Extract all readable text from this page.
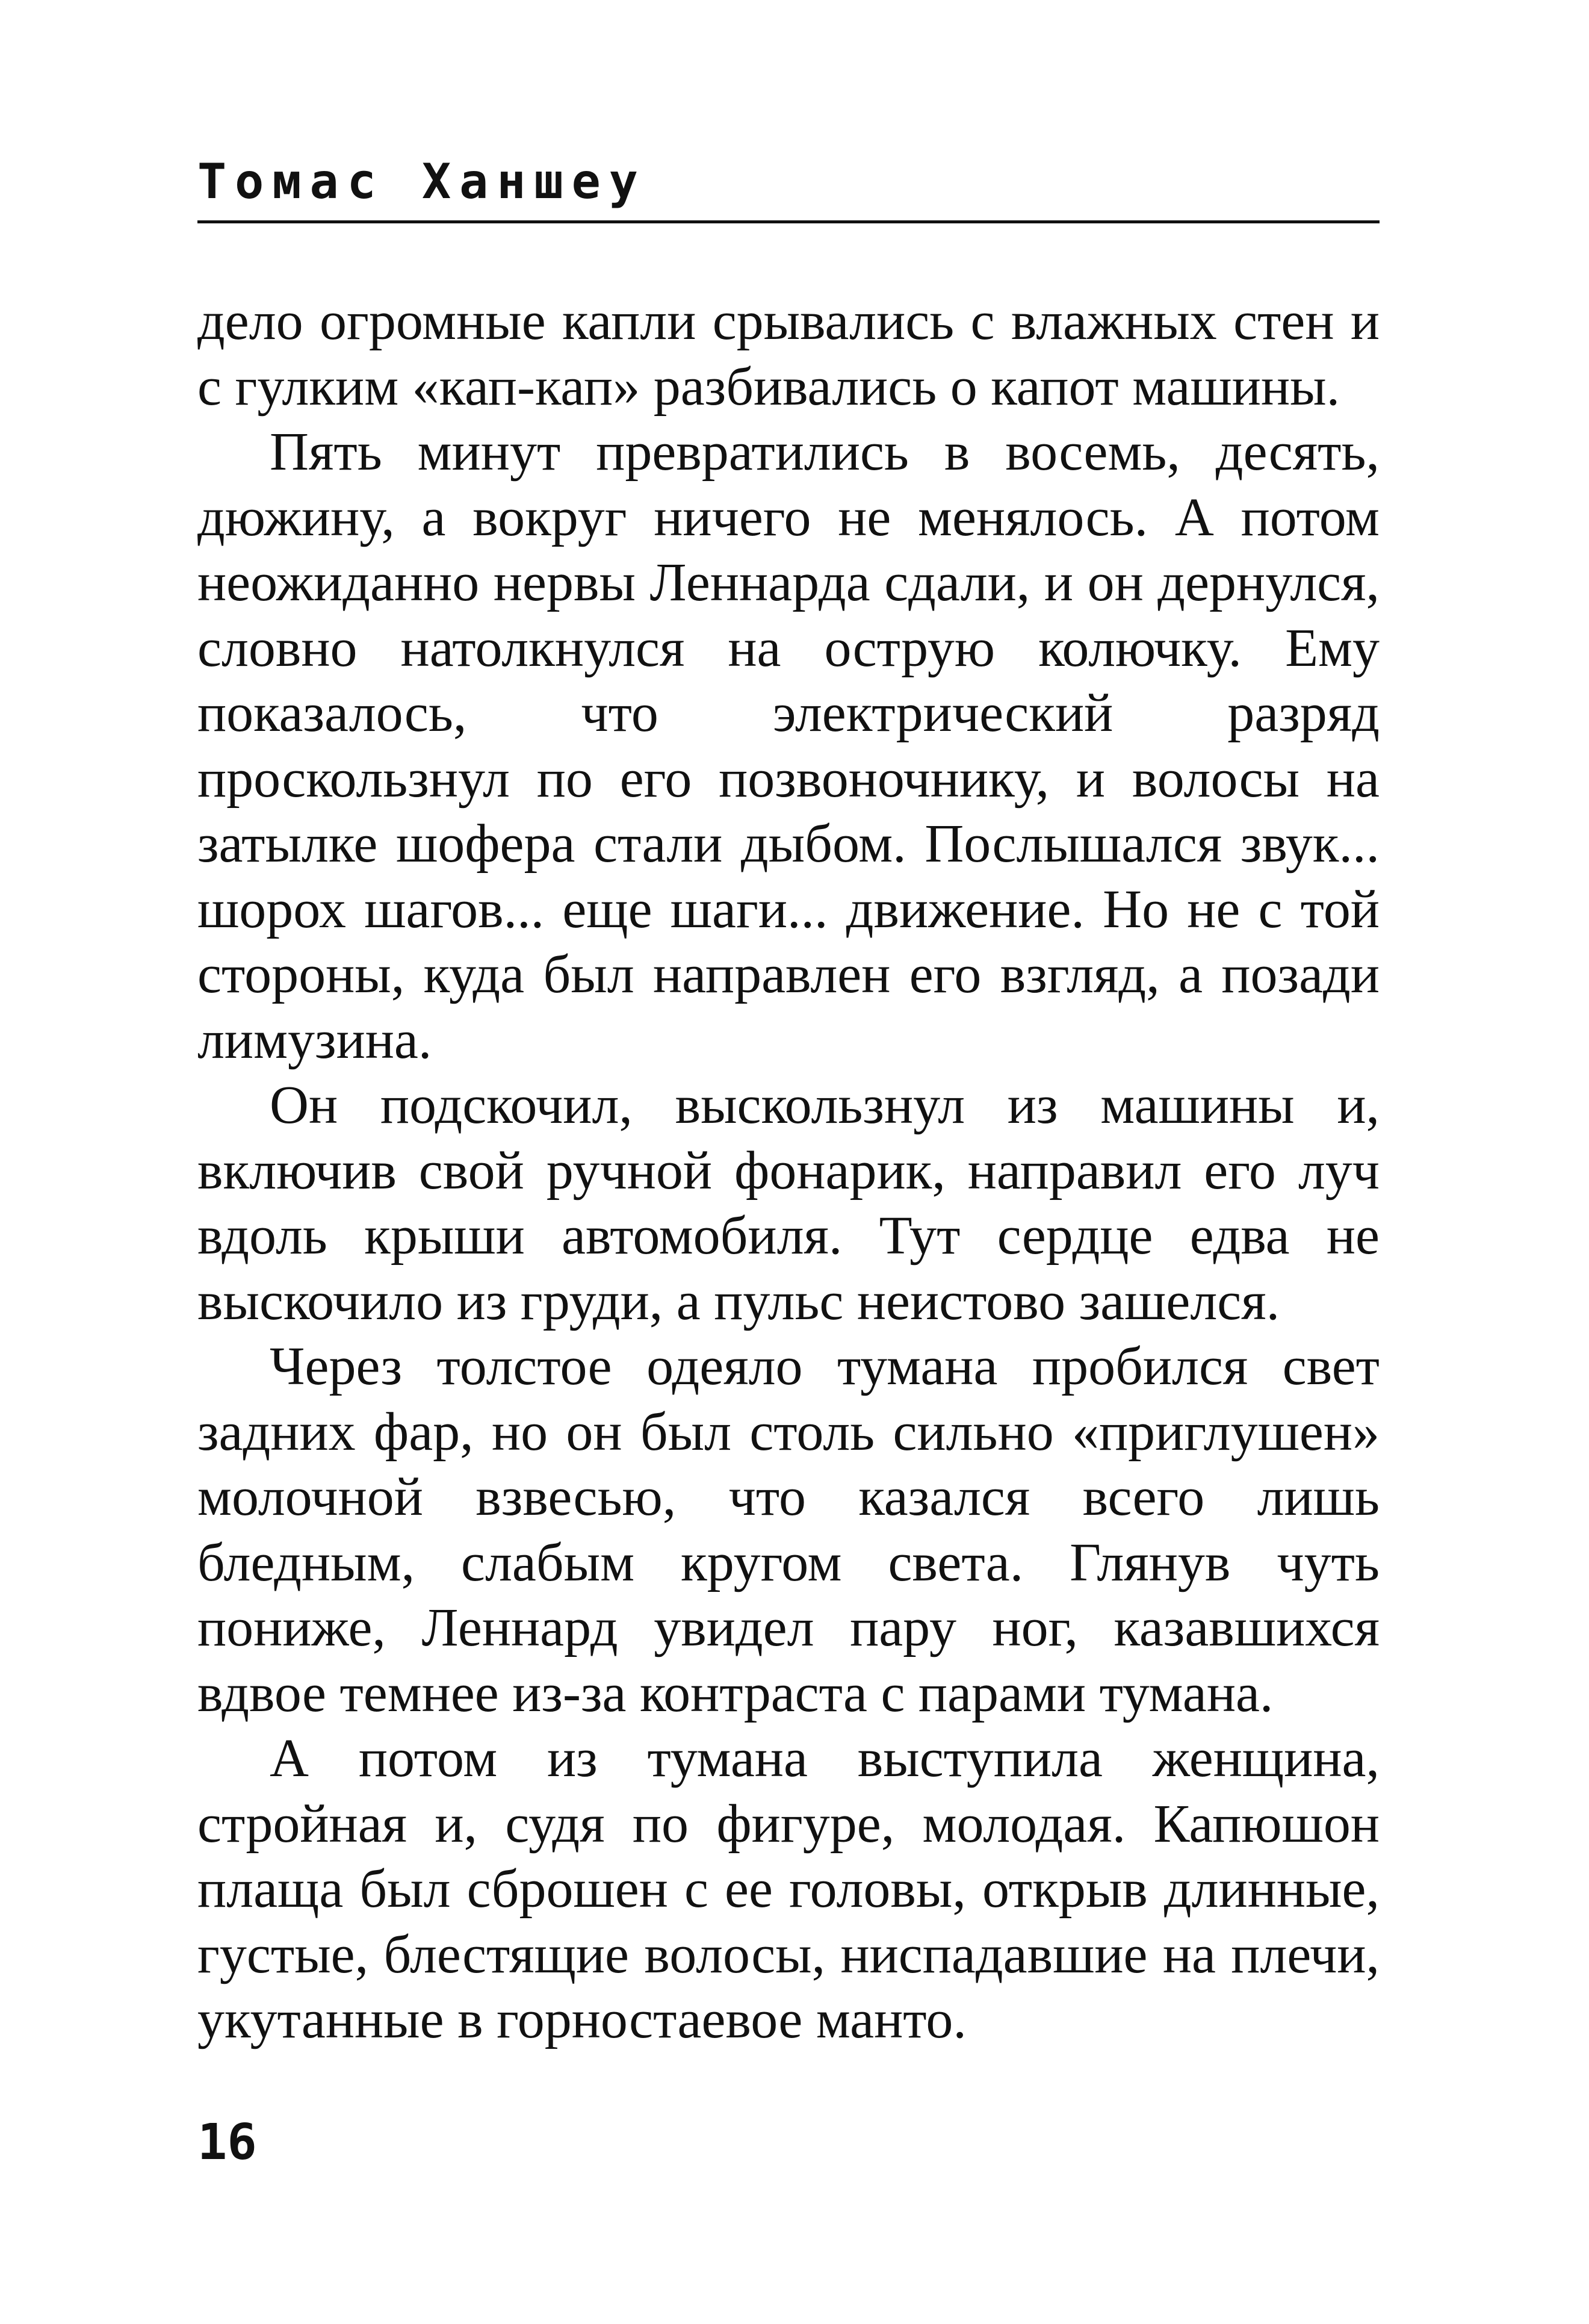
Томас Ханшеу

дело огромные капли срывались с влажных стен и с гулким «кап-кап» разбивались о капот машины.

Пять минут превратились в восемь, десять, дюжину, а вокруг ничего не менялось. А потом неожиданно нервы Леннарда сдали, и он дернулся, словно натолкнулся на острую колючку. Ему показалось, что электрический разряд проскользнул по его позвоночнику, и волосы на затылке шофера стали дыбом. Послышался звук... шорох шагов... еще шаги... движение. Но не с той стороны, куда был направлен его взгляд, а позади лимузина.

Он подскочил, выскользнул из машины и, включив свой ручной фонарик, направил его луч вдоль крыши автомобиля. Тут сердце едва не выскочило из груди, а пульс неистово зашелся.

Через толстое одеяло тумана пробился свет задних фар, но он был столь сильно «приглушен» молочной взвесью, что казался всего лишь бледным, слабым кругом света. Глянув чуть пониже, Леннард увидел пару ног, казавшихся вдвое темнее из-за контраста с парами тумана.

А потом из тумана выступила женщина, стройная и, судя по фигуре, молодая. Капюшон плаща был сброшен с ее головы, открыв длинные, густые, блестящие волосы, ниспадавшие на плечи, укутанные в горностаевое манто.

16
